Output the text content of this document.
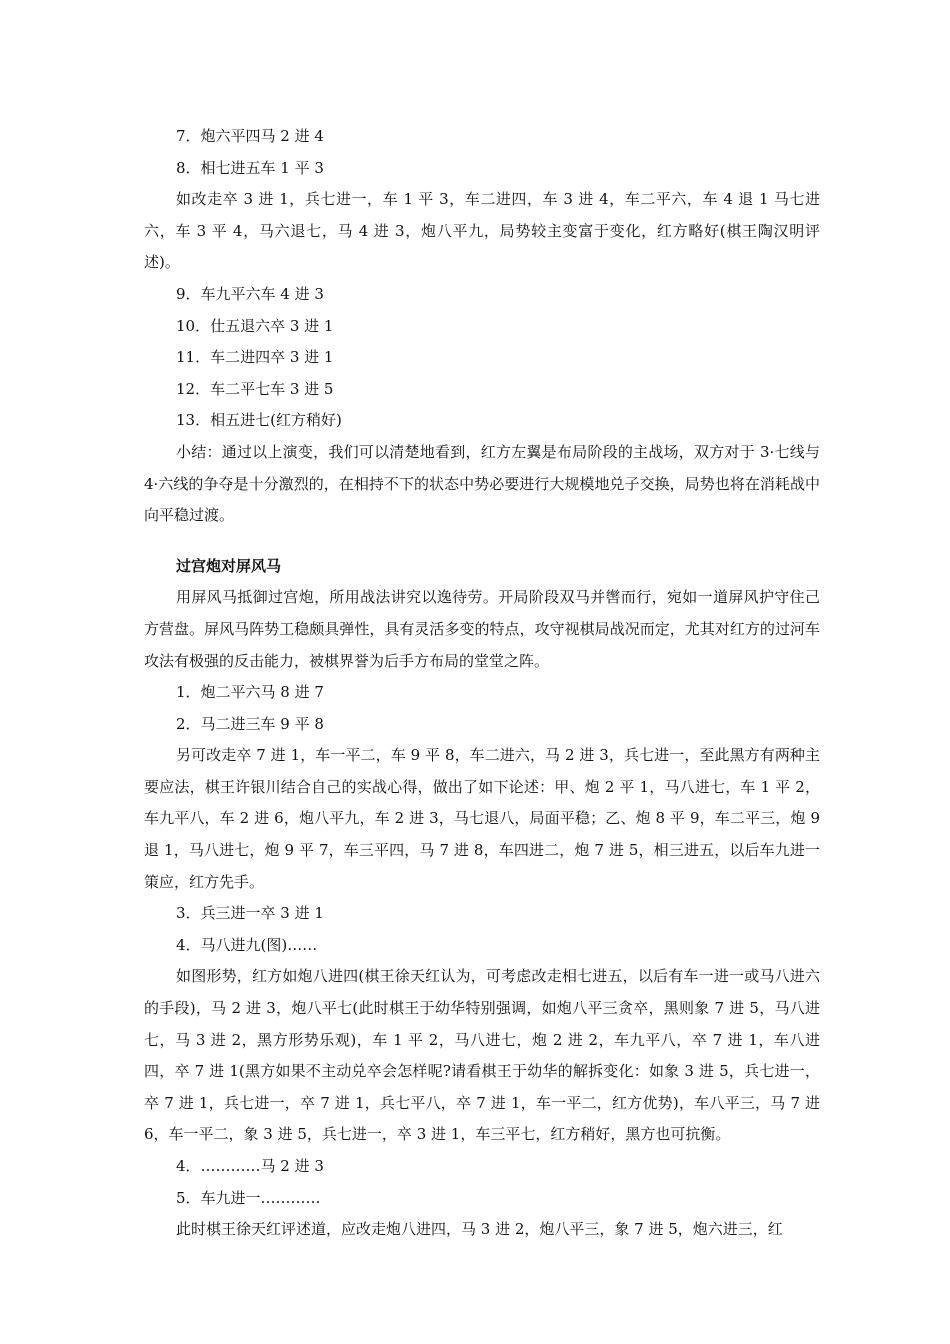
7．炮六平四马 2 进 4

8．相七进五车 1 平 3

如改走卒 3 进 1，兵七进一，车 1 平 3，车二进四，车 3 进 4，车二平六，车 4 退 1 马七进六，车 3 平 4，马六退七，马 4 进 3，炮八平九，局势较主变富于变化，红方略好(棋王陶汉明评述)。

9．车九平六车 4 进 3

10．仕五退六卒 3 进 1

11．车二进四卒 3 进 1

12．车二平七车 3 进 5

13．相五进七(红方稍好)

小结：通过以上演变，我们可以清楚地看到，红方左翼是布局阶段的主战场，双方对于 3·七线与 4·六线的争夺是十分激烈的，在相持不下的状态中势必要进行大规模地兑子交换，局势也将在消耗战中向平稳过渡。

过宫炮对屏风马

用屏风马抵御过宫炮，所用战法讲究以逸待劳。开局阶段双马并辔而行，宛如一道屏风护守住己方营盘。屏风马阵势工稳颇具弹性，具有灵活多变的特点，攻守视棋局战况而定，尤其对红方的过河车攻法有极强的反击能力，被棋界誉为后手方布局的堂堂之阵。

1．炮二平六马 8 进 7

2．马二进三车 9 平 8

另可改走卒 7 进 1，车一平二，车 9 平 8，车二进六，马 2 进 3，兵七进一，至此黑方有两种主要应法，棋王许银川结合自己的实战心得，做出了如下论述：甲、炮 2 平 1，马八进七，车 1 平 2，车九平八，车 2 进 6，炮八平九，车 2 进 3，马七退八，局面平稳；乙、炮 8 平 9，车二平三，炮 9 退 1，马八进七，炮 9 平 7，车三平四，马 7 进 8，车四进二，炮 7 进 5，相三进五，以后车九进一策应，红方先手。

3．兵三进一卒 3 进 1

4．马八进九(图)……

如图形势，红方如炮八进四(棋王徐天红认为，可考虑改走相七进五，以后有车一进一或马八进六的手段)，马 2 进 3，炮八平七(此时棋王于幼华特别强调，如炮八平三贪卒，黑则象 7 进 5，马八进七，马 3 进 2，黑方形势乐观)，车 1 平 2，马八进七，炮 2 进 2，车九平八，卒 7 进 1，车八进四，卒 7 进 1(黑方如果不主动兑卒会怎样呢?请看棋王于幼华的解拆变化：如象 3 进 5，兵七进一，卒 7 进 1，兵七进一，卒 7 进 1，兵七平八，卒 7 进 1，车一平二，红方优势)，车八平三，马 7 进 6，车一平二，象 3 进 5，兵七进一，卒 3 进 1，车三平七，红方稍好，黑方也可抗衡。

4．…………马 2 进 3

5．车九进一…………

此时棋王徐天红评述道，应改走炮八进四，马 3 进 2，炮八平三，象 7 进 5，炮六进三，红
